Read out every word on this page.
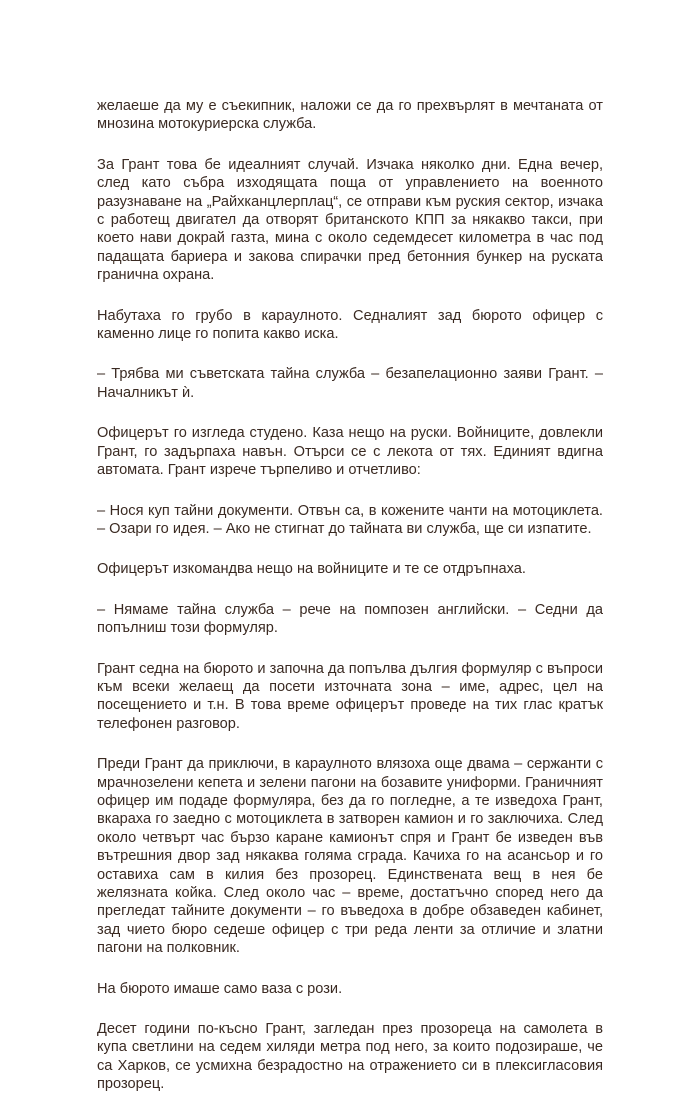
желаеше да му е съекипник, наложи се да го прехвърлят в мечтаната от мнозина мотокуриерска служба.

За Грант това бе идеалният случай. Изчака няколко дни. Една вечер, след като събра изходящата поща от управлението на военното разузнаване на „Райхканцлерплац“, се отправи към руския сектор, изчака с работещ двигател да отворят британското КПП за някакво такси, при което нави докрай газта, мина с около седемдесет километра в час под падащата бариера и закова спирачки пред бетонния бункер на руската гранична охрана.

Набутаха го грубо в караулното. Седналият зад бюрото офицер с каменно лице го попита какво иска.

– Трябва ми съветската тайна служба – безапелационно заяви Грант. – Началникът ѝ.

Офицерът го изгледа студено. Каза нещо на руски. Войниците, довлекли Грант, го задърпаха навън. Отърси се с лекота от тях. Единият вдигна автомата. Грант изрече търпеливо и отчетливо:

– Нося куп тайни документи. Отвън са, в кожените чанти на мотоциклета. – Озари го идея. – Ако не стигнат до тайната ви служба, ще си изпатите.

Офицерът изкомандва нещо на войниците и те се отдръпнаха.

– Нямаме тайна служба – рече на помпозен английски. – Седни да попълниш този формуляр.

Грант седна на бюрото и започна да попълва дългия формуляр с въпроси към всеки желаещ да посети източната зона – име, адрес, цел на посещението и т.н. В това време офицерът проведе на тих глас кратък телефонен разговор.

Преди Грант да приключи, в караулното влязоха още двама – сержанти с мрачнозелени кепета и зелени пагони на бозавите униформи. Граничният офицер им подаде формуляра, без да го погледне, а те изведоха Грант, вкараха го заедно с мотоциклета в затворен камион и го заключиха. След около четвърт час бързо каране камионът спря и Грант бе изведен във вътрешния двор зад някаква голяма сграда. Качиха го на асансьор и го оставиха сам в килия без прозорец. Единствената вещ в нея бе желязната койка. След около час – време, достатъчно според него да прегледат тайните документи – го въведоха в добре обзаведен кабинет, зад чието бюро седеше офицер с три реда ленти за отличие и златни пагони на полковник.

На бюрото имаше само ваза с рози.

Десет години по-късно Грант, загледан през прозореца на самолета в купа светлини на седем хиляди метра под него, за които подозираше, че са Харков, се усмихна безрадостно на отражението си в плексигласовия прозорец.
